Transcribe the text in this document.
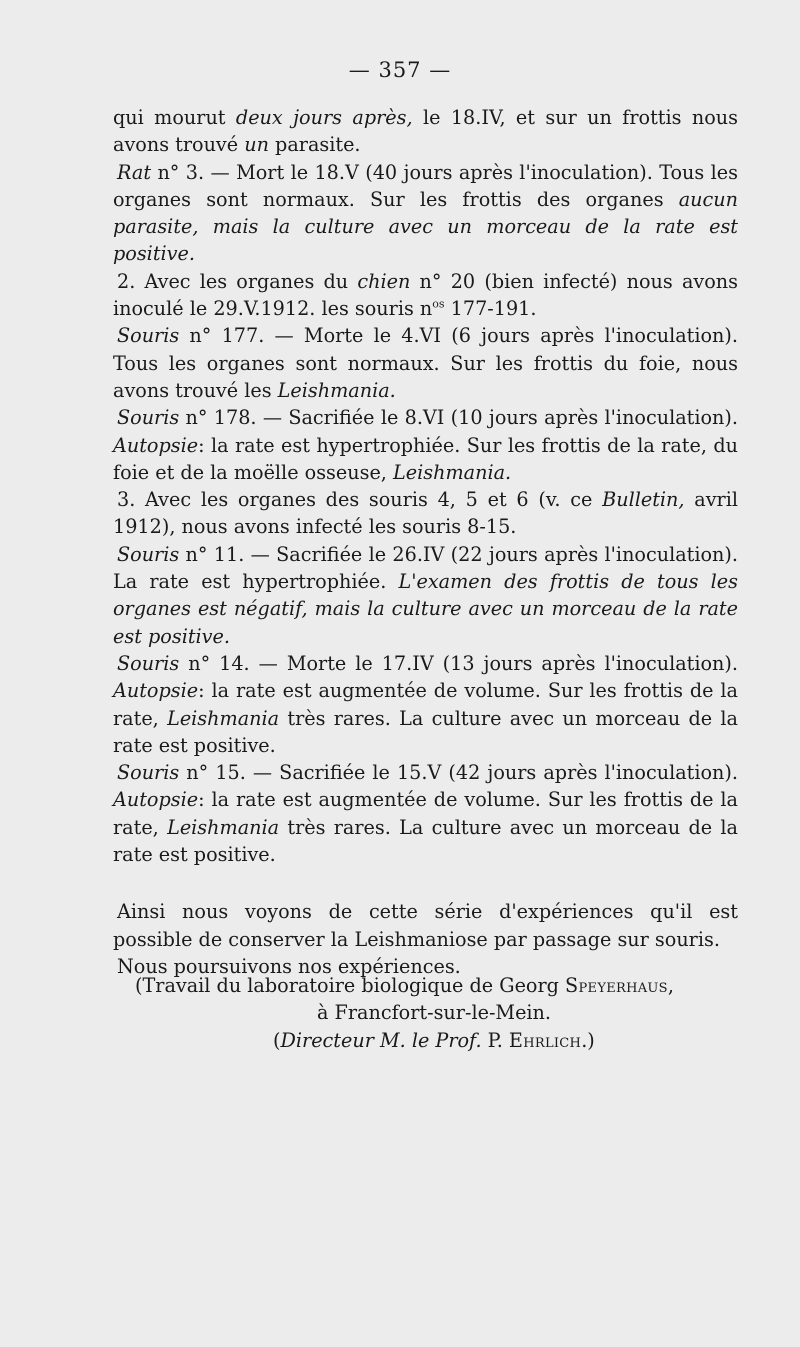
— 357 —

qui mourut deux jours après, le 18.IV, et sur un frottis nous avons trouvé un parasite.

Rat n° 3. — Mort le 18.V (40 jours après l'inoculation). Tous les organes sont normaux. Sur les frottis des organes aucun parasite, mais la culture avec un morceau de la rate est positive.

2. Avec les organes du chien n° 20 (bien infecté) nous avons inoculé le 29.V.1912. les souris $n^{os}$ 177-191.

Souris n° 177. — Morte le 4.VI (6 jours après l'inoculation). Tous les organes sont normaux. Sur les frottis du foie, nous avons trouvé les Leishmania.

Souris n° 178. — Sacrifiée le 8.VI (10 jours après l'inoculation). Autopsie: la rate est hypertrophiée. Sur les frottis de la rate, du foie et de la moëlle osseuse, Leishmania.

3. Avec les organes des souris 4, 5 et 6 (v. ce Bulletin, avril 1912), nous avons infecté les souris 8-15.

Souris n° 11. — Sacrifiée le 26.IV (22 jours après l'inoculation). La rate est hypertrophiée. L'examen des frottis de tous les organes est négatif, mais la culture avec un morceau de la rate est positive.

Souris n° 14. — Morte le 17.IV (13 jours après l'inoculation). Autopsie: la rate est augmentée de volume. Sur les frottis de la rate, Leishmania très rares. La culture avec un morceau de la rate est positive.

Souris n° 15. — Sacrifiée le 15.V (42 jours après l'inoculation). Autopsie: la rate est augmentée de volume. Sur les frottis de la rate, Leishmania très rares. La culture avec un morceau de la rate est positive.

Ainsi nous voyons de cette série d'expériences qu'il est possible de conserver la Leishmaniose par passage sur souris.

Nous poursuivons nos expériences.

(Travail du laboratoire biologique de Georg Speyerhaus,
à Francfort-sur-le-Mein.
(Directeur M. le Prof. P. Ehrlich.)
